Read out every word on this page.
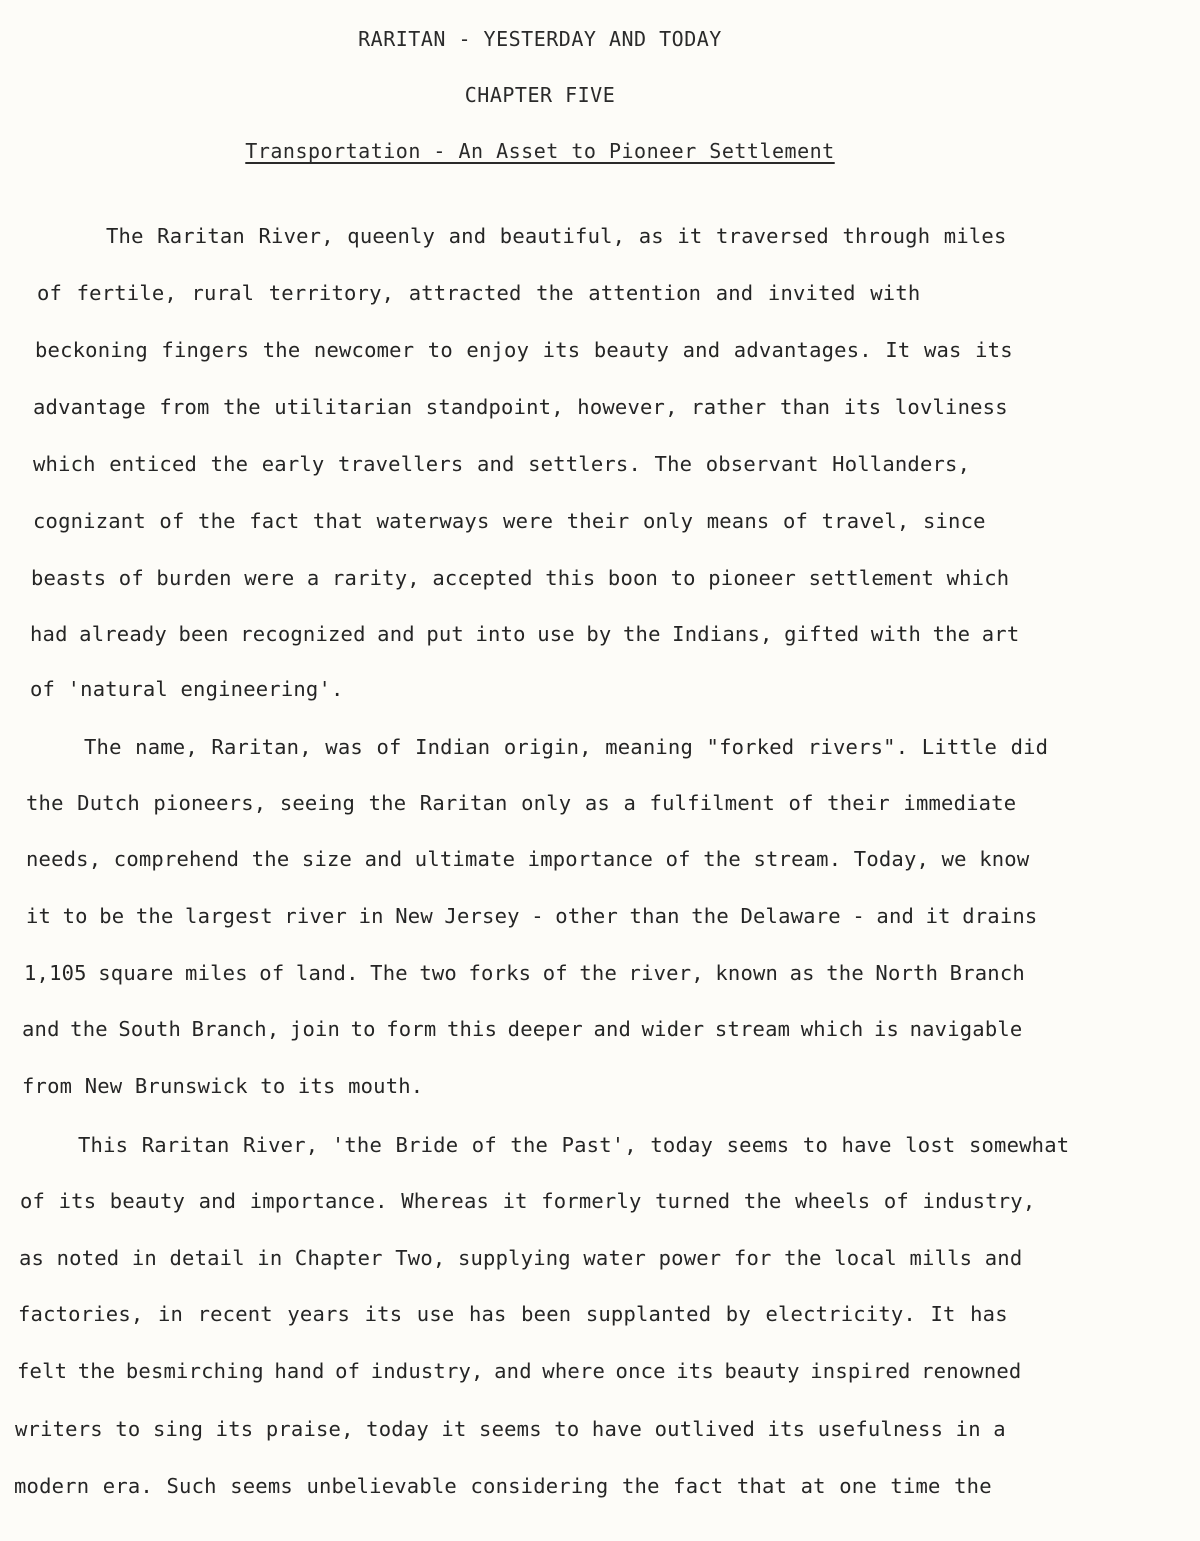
RARITAN - YESTERDAY AND TODAY
CHAPTER FIVE
Transportation - An Asset to Pioneer Settlement
The Raritan River, queenly and beautiful, as it traversed through miles
of fertile, rural territory, attracted the attention and invited with
beckoning fingers the newcomer to enjoy its beauty and advantages. It was its
advantage from the utilitarian standpoint, however, rather than its lovliness
which enticed the early travellers and settlers. The observant Hollanders,
cognizant of the fact that waterways were their only means of travel, since
beasts of burden were a rarity, accepted this boon to pioneer settlement which
had already been recognized and put into use by the Indians, gifted with the art
of 'natural engineering'.
The name, Raritan, was of Indian origin, meaning "forked rivers". Little did
the Dutch pioneers, seeing the Raritan only as a fulfilment of their immediate
needs, comprehend the size and ultimate importance of the stream. Today, we know
it to be the largest river in New Jersey - other than the Delaware - and it drains
1,105 square miles of land. The two forks of the river, known as the North Branch
and the South Branch, join to form this deeper and wider stream which is navigable
from New Brunswick to its mouth.
This Raritan River, 'the Bride of the Past', today seems to have lost somewhat
of its beauty and importance. Whereas it formerly turned the wheels of industry,
as noted in detail in Chapter Two, supplying water power for the local mills and
factories, in recent years its use has been supplanted by electricity. It has
felt the besmirching hand of industry, and where once its beauty inspired renowned
writers to sing its praise, today it seems to have outlived its usefulness in a
modern era. Such seems unbelievable considering the fact that at one time the
